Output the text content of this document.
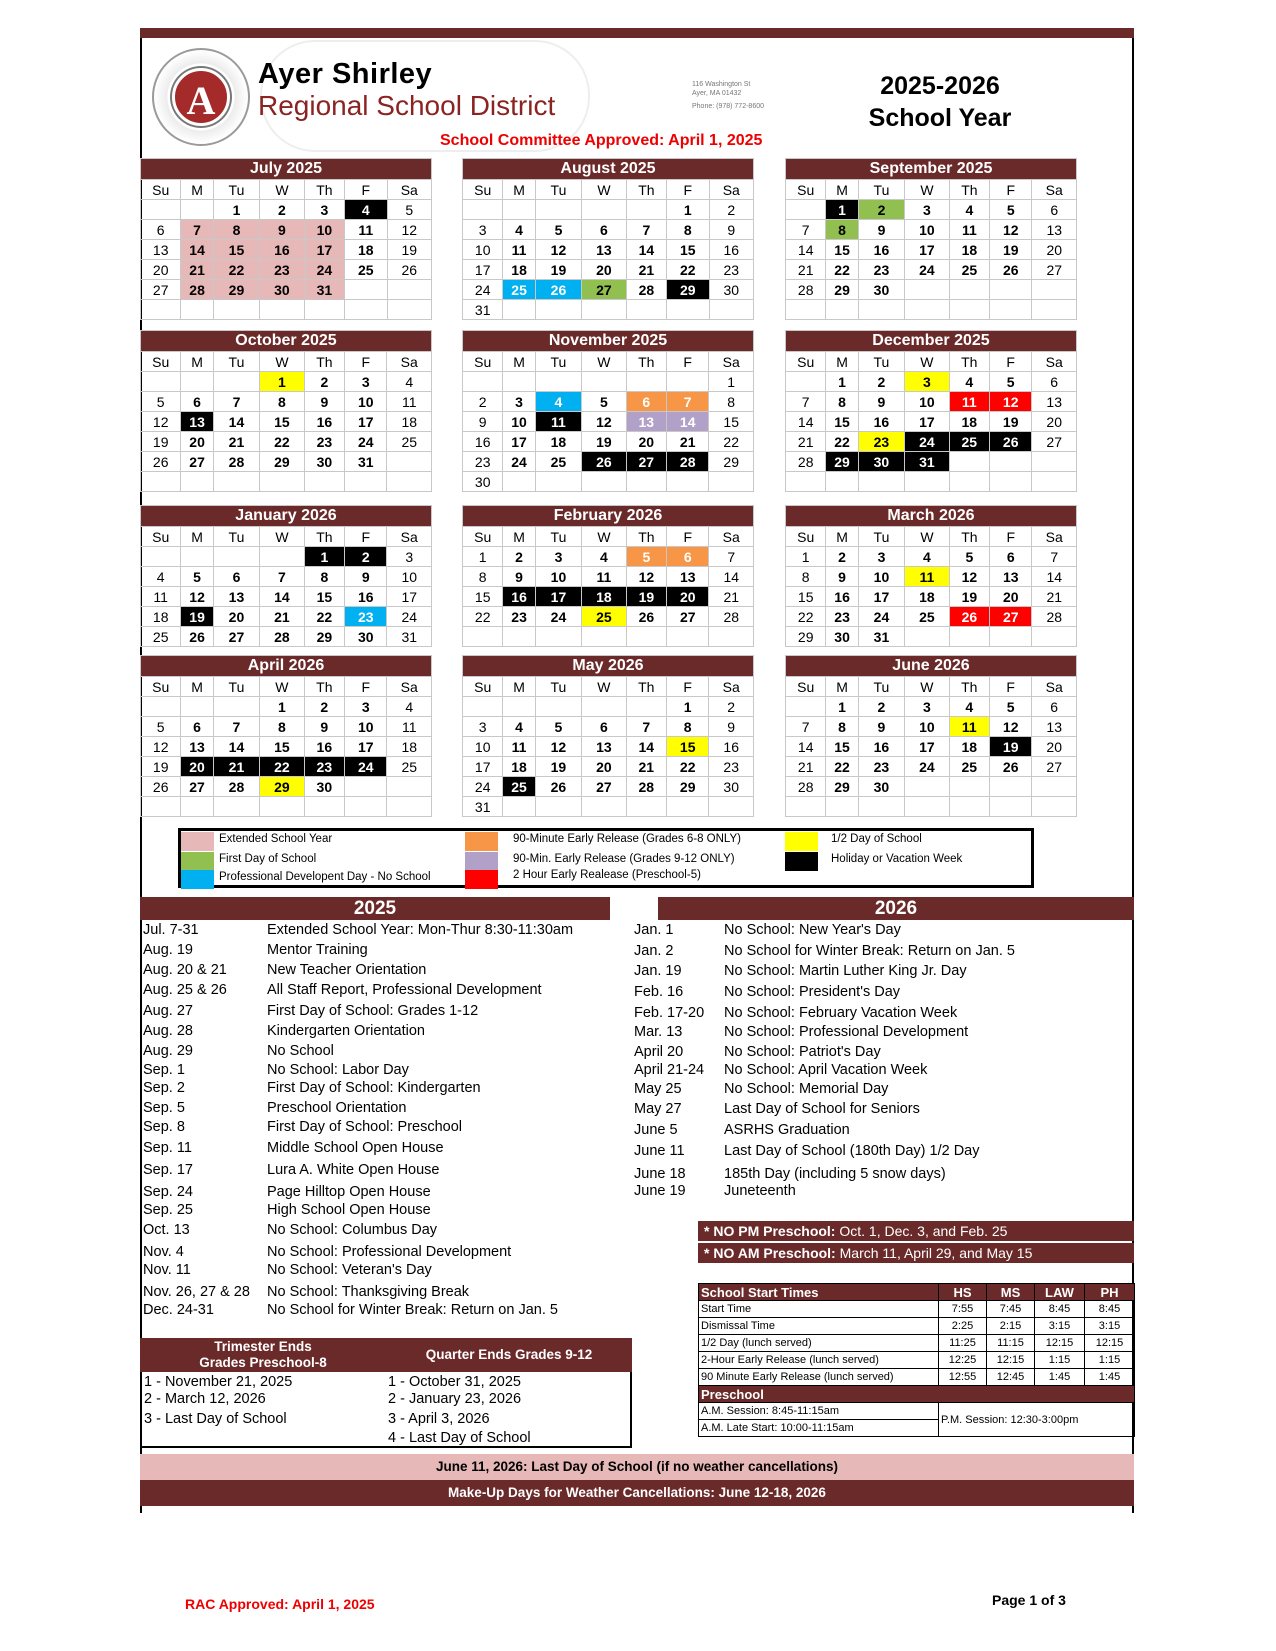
A
Ayer Shirley
Regional School District
116 Washington St
Ayer, MA 01432
Phone: (978) 772-8600
2025-2026
School Year
School Committee Approved: April 1, 2025
July 2025						
Su	M	Tu	W	Th	F	Sa
		1	2	3	4	5
6	7	8	9	10	11	12
13	14	15	16	17	18	19
20	21	22	23	24	25	26
27	28	29	30	31		

August 2025						
Su	M	Tu	W	Th	F	Sa
					1	2
3	4	5	6	7	8	9
10	11	12	13	14	15	16
17	18	19	20	21	22	23
24	25	26	27	28	29	30
31						
September 2025						
Su	M	Tu	W	Th	F	Sa
	1	2	3	4	5	6
7	8	9	10	11	12	13
14	15	16	17	18	19	20
21	22	23	24	25	26	27
28	29	30				

October 2025						
Su	M	Tu	W	Th	F	Sa
			1	2	3	4
5	6	7	8	9	10	11
12	13	14	15	16	17	18
19	20	21	22	23	24	25
26	27	28	29	30	31	

November 2025						
Su	M	Tu	W	Th	F	Sa
						1
2	3	4	5	6	7	8
9	10	11	12	13	14	15
16	17	18	19	20	21	22
23	24	25	26	27	28	29
30						
December 2025						
Su	M	Tu	W	Th	F	Sa
	1	2	3	4	5	6
7	8	9	10	11	12	13
14	15	16	17	18	19	20
21	22	23	24	25	26	27
28	29	30	31			

January 2026						
Su	M	Tu	W	Th	F	Sa
				1	2	3
4	5	6	7	8	9	10
11	12	13	14	15	16	17
18	19	20	21	22	23	24
25	26	27	28	29	30	31
February 2026						
Su	M	Tu	W	Th	F	Sa
1	2	3	4	5	6	7
8	9	10	11	12	13	14
15	16	17	18	19	20	21
22	23	24	25	26	27	28

March 2026						
Su	M	Tu	W	Th	F	Sa
1	2	3	4	5	6	7
8	9	10	11	12	13	14
15	16	17	18	19	20	21
22	23	24	25	26	27	28
29	30	31				
April 2026						
Su	M	Tu	W	Th	F	Sa
			1	2	3	4
5	6	7	8	9	10	11
12	13	14	15	16	17	18
19	20	21	22	23	24	25
26	27	28	29	30		

May 2026						
Su	M	Tu	W	Th	F	Sa
					1	2
3	4	5	6	7	8	9
10	11	12	13	14	15	16
17	18	19	20	21	22	23
24	25	26	27	28	29	30
31						
June 2026						
Su	M	Tu	W	Th	F	Sa
	1	2	3	4	5	6
7	8	9	10	11	12	13
14	15	16	17	18	19	20
21	22	23	24	25	26	27
28	29	30				

Extended School Year
First Day of School
Professional Developent Day - No School
90-Minute Early Release (Grades 6-8 ONLY)
90-Min. Early Release (Grades 9-12 ONLY)
2 Hour Early Realease (Preschool-5)
1/2 Day of School
Holiday or Vacation Week
2025	2026
Jul. 7-31	Extended School Year: Mon-Thur 8:30-11:30am
Aug. 19	Mentor Training
Aug. 20 & 21	New Teacher Orientation
Aug. 25 & 26	All Staff Report, Professional Development
Aug. 27	First Day of School: Grades 1-12
Aug. 28	Kindergarten Orientation
Aug. 29	No School
Sep. 1	No School: Labor Day
Sep. 2	First Day of School: Kindergarten
Sep. 5	Preschool Orientation
Sep. 8	First Day of School: Preschool
Sep. 11	Middle School Open House
Sep. 17	Lura A. White Open House
Sep. 24	Page Hilltop Open House
Sep. 25	High School Open House
Oct. 13	No School: Columbus Day
Nov. 4	No School: Professional Development
Nov. 11	No School: Veteran's Day
Nov. 26, 27 & 28 No School: Thanksgiving Break
Dec. 24-31	No School for Winter Break: Return on Jan. 5
Jan. 1	No School: New Year's Day
Jan. 2	No School for Winter Break: Return on Jan. 5
Jan. 19	No School: Martin Luther King Jr. Day
Feb. 16	No School: President's Day
Feb. 17-20 No School: February Vacation Week
Mar. 13	No School: Professional Development
April 20	No School: Patriot's Day
April 21-24 No School: April Vacation Week
May 25	No School: Memorial Day
May 27	Last Day of School for Seniors
June 5	ASRHS Graduation
June 11	Last Day of School (180th Day) 1/2 Day
June 18	185th Day (including 5 snow days)
June 19	Juneteenth
* NO PM Preschool: Oct. 1, Dec. 3, and Feb. 25
* NO AM Preschool: March 11, April 29, and May 15
School Start Times	HS	MS	LAW	PH
Start Time	7:55	7:45	8:45	8:45
Dismissal Time	2:25	2:15	3:15	3:15
1/2 Day (lunch served)	11:25	11:15	12:15	12:15
2-Hour Early Release (lunch served)	12:25	12:15	1:15	1:15
90 Minute Early Release (lunch served)	12:55	12:45	1:45	1:45
Preschool				
A.M. Session: 8:45-11:15am	P.M. Session: 12:30-3:00pm			
A.M. Late Start: 10:00-11:15am				
Trimester Ends
Grades Preschool-8
Quarter Ends Grades 9-12
1 - November 21, 2025
2 - March 12, 2026
3 - Last Day of School
1 - October 31, 2025
2 - January 23, 2026
3 - April 3, 2026
4 - Last Day of School
June 11, 2026: Last Day of School (if no weather cancellations)
Make-Up Days for Weather Cancellations: June 12-18, 2026
RAC Approved: April 1, 2025	Page 1 of 3
